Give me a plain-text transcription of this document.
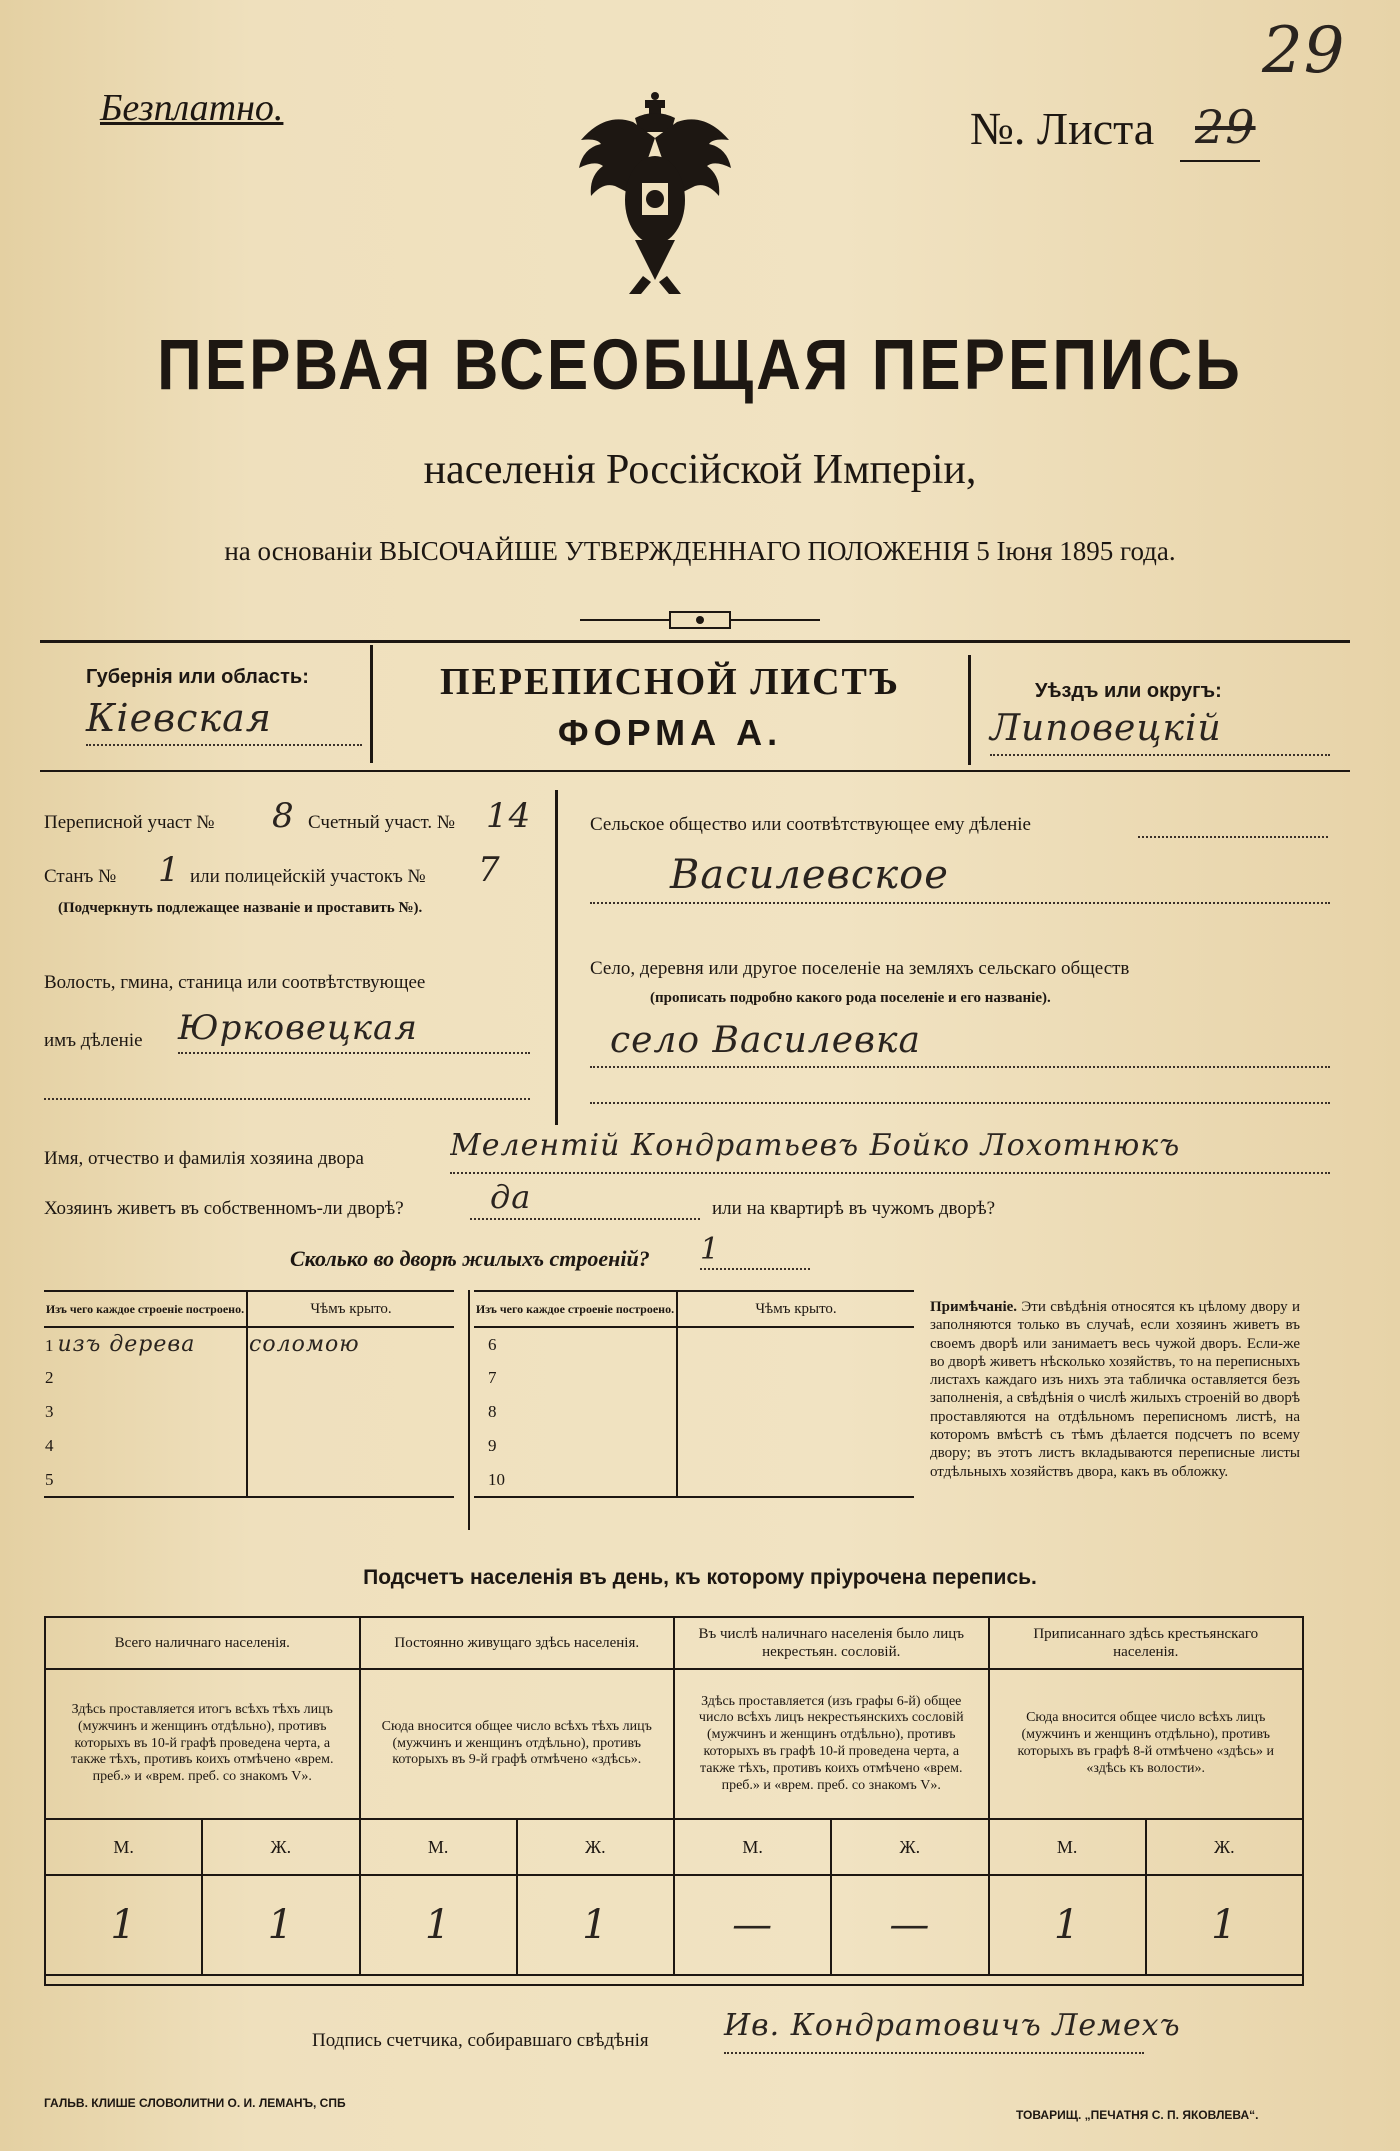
29
Безплатно.	№. Листа 29
ПЕРВАЯ ВСЕОБЩАЯ ПЕРЕПИСЬ
населенія Россійской Имперіи,
на основаніи ВЫСОЧАЙШЕ УТВЕРЖДЕННАГО ПОЛОЖЕНІЯ 5 Іюня 1895 года.
Губернія или область:
Кіевская
ПЕРЕПИСНОЙ ЛИСТЪ
ФОРМА А.
Уѣздъ или округъ:
Липовецкій
Переписной участ № 8 Счетный участ. № 14
Станъ № 1 или полицейскій участокъ № 7
(Подчеркнуть подлежащее названіе и проставить №).
Волость, гмина, станица или соотвѣтствующее
имъ дѣленіе Юрковецкая
Сельское общество или соотвѣтствующее ему дѣленіе
Василевское
Село, деревня или другое поселеніе на земляхъ сельскаго обществ
(прописать подробно какого рода поселеніе и его названіе).
село Василевка
Имя, отчество и фамилія хозяина двора	Мелентій Кондратьевъ Бойко Лохотнюкъ
Хозяинъ живетъ въ собственномъ-ли дворѣ?	да	или на квартирѣ въ чужомъ дворѣ?
Сколько во дворѣ жилыхъ строеній? 1
Изъ чего каждое строеніе построено.	Чѣмъ крыто.
1 изъ дерева	соломою
2	
3	
4	
5	
Изъ чего каждое строеніе построено.	Чѣмъ крыто.
6	
7	
8	
9	
10	
Примѣчаніе. Эти свѣдѣнія относятся къ цѣлому двору и заполняются только въ случаѣ, если хозяинъ живетъ въ своемъ дворѣ или занимаетъ весь чужой дворъ. Если-же во дворѣ живетъ нѣсколько хозяйствъ, то на переписныхъ листахъ каждаго изъ нихъ эта табличка оставляется безъ заполненія, а свѣдѣнія о числѣ жилыхъ строеній во дворѣ проставляются на отдѣльномъ переписномъ листѣ, на которомъ вмѣстѣ съ тѣмъ дѣлается подсчетъ по всему двору; въ этотъ листъ вкладываются переписные листы отдѣльныхъ хозяйствъ двора, какъ въ обложку.
Подсчетъ населенія въ день, къ которому пріурочена перепись.
Всего наличнаго населенія.		Постоянно живущаго здѣсь населенія.		Въ числѣ наличнаго населенія было лицъ некрестьян. сословій.		Приписаннаго здѣсь крестьянскаго населенія.	
Здѣсь проставляется итогъ всѣхъ тѣхъ лицъ (мужчинъ и женщинъ отдѣльно), противъ которыхъ въ 10-й графѣ проведена черта, а также тѣхъ, противъ коихъ отмѣчено «врем. преб.» и «врем. преб. со знакомъ V».		Сюда вносится общее число всѣхъ тѣхъ лицъ (мужчинъ и женщинъ отдѣльно), противъ которыхъ въ 9-й графѣ отмѣчено «здѣсь».		Здѣсь проставляется (изъ графы 6-й) общее число всѣхъ лицъ некрестьянскихъ сословій (мужчинъ и женщинъ отдѣльно), противъ которыхъ въ графѣ 10-й проведена черта, а также тѣхъ, противъ коихъ отмѣчено «врем. преб.» и «врем. преб. со знакомъ V».		Сюда вносится общее число всѣхъ лицъ (мужчинъ и женщинъ отдѣльно), противъ которыхъ въ графѣ 8-й отмѣчено «здѣсь» и «здѣсь къ волости».	
М.	Ж.	М.	Ж.	М.	Ж.	М.	Ж.
1	1	1	1	—	—	1	1

Подпись счетчика, собиравшаго свѣдѣнія	Ив. Кондратовичъ Лемехъ
ГАЛЬВ. КЛИШЕ СЛОВОЛИТНИ О. И. ЛЕМАНЪ, СПБ
ТОВАРИЩ. „ПЕЧАТНЯ С. П. ЯКОВЛЕВА“.
